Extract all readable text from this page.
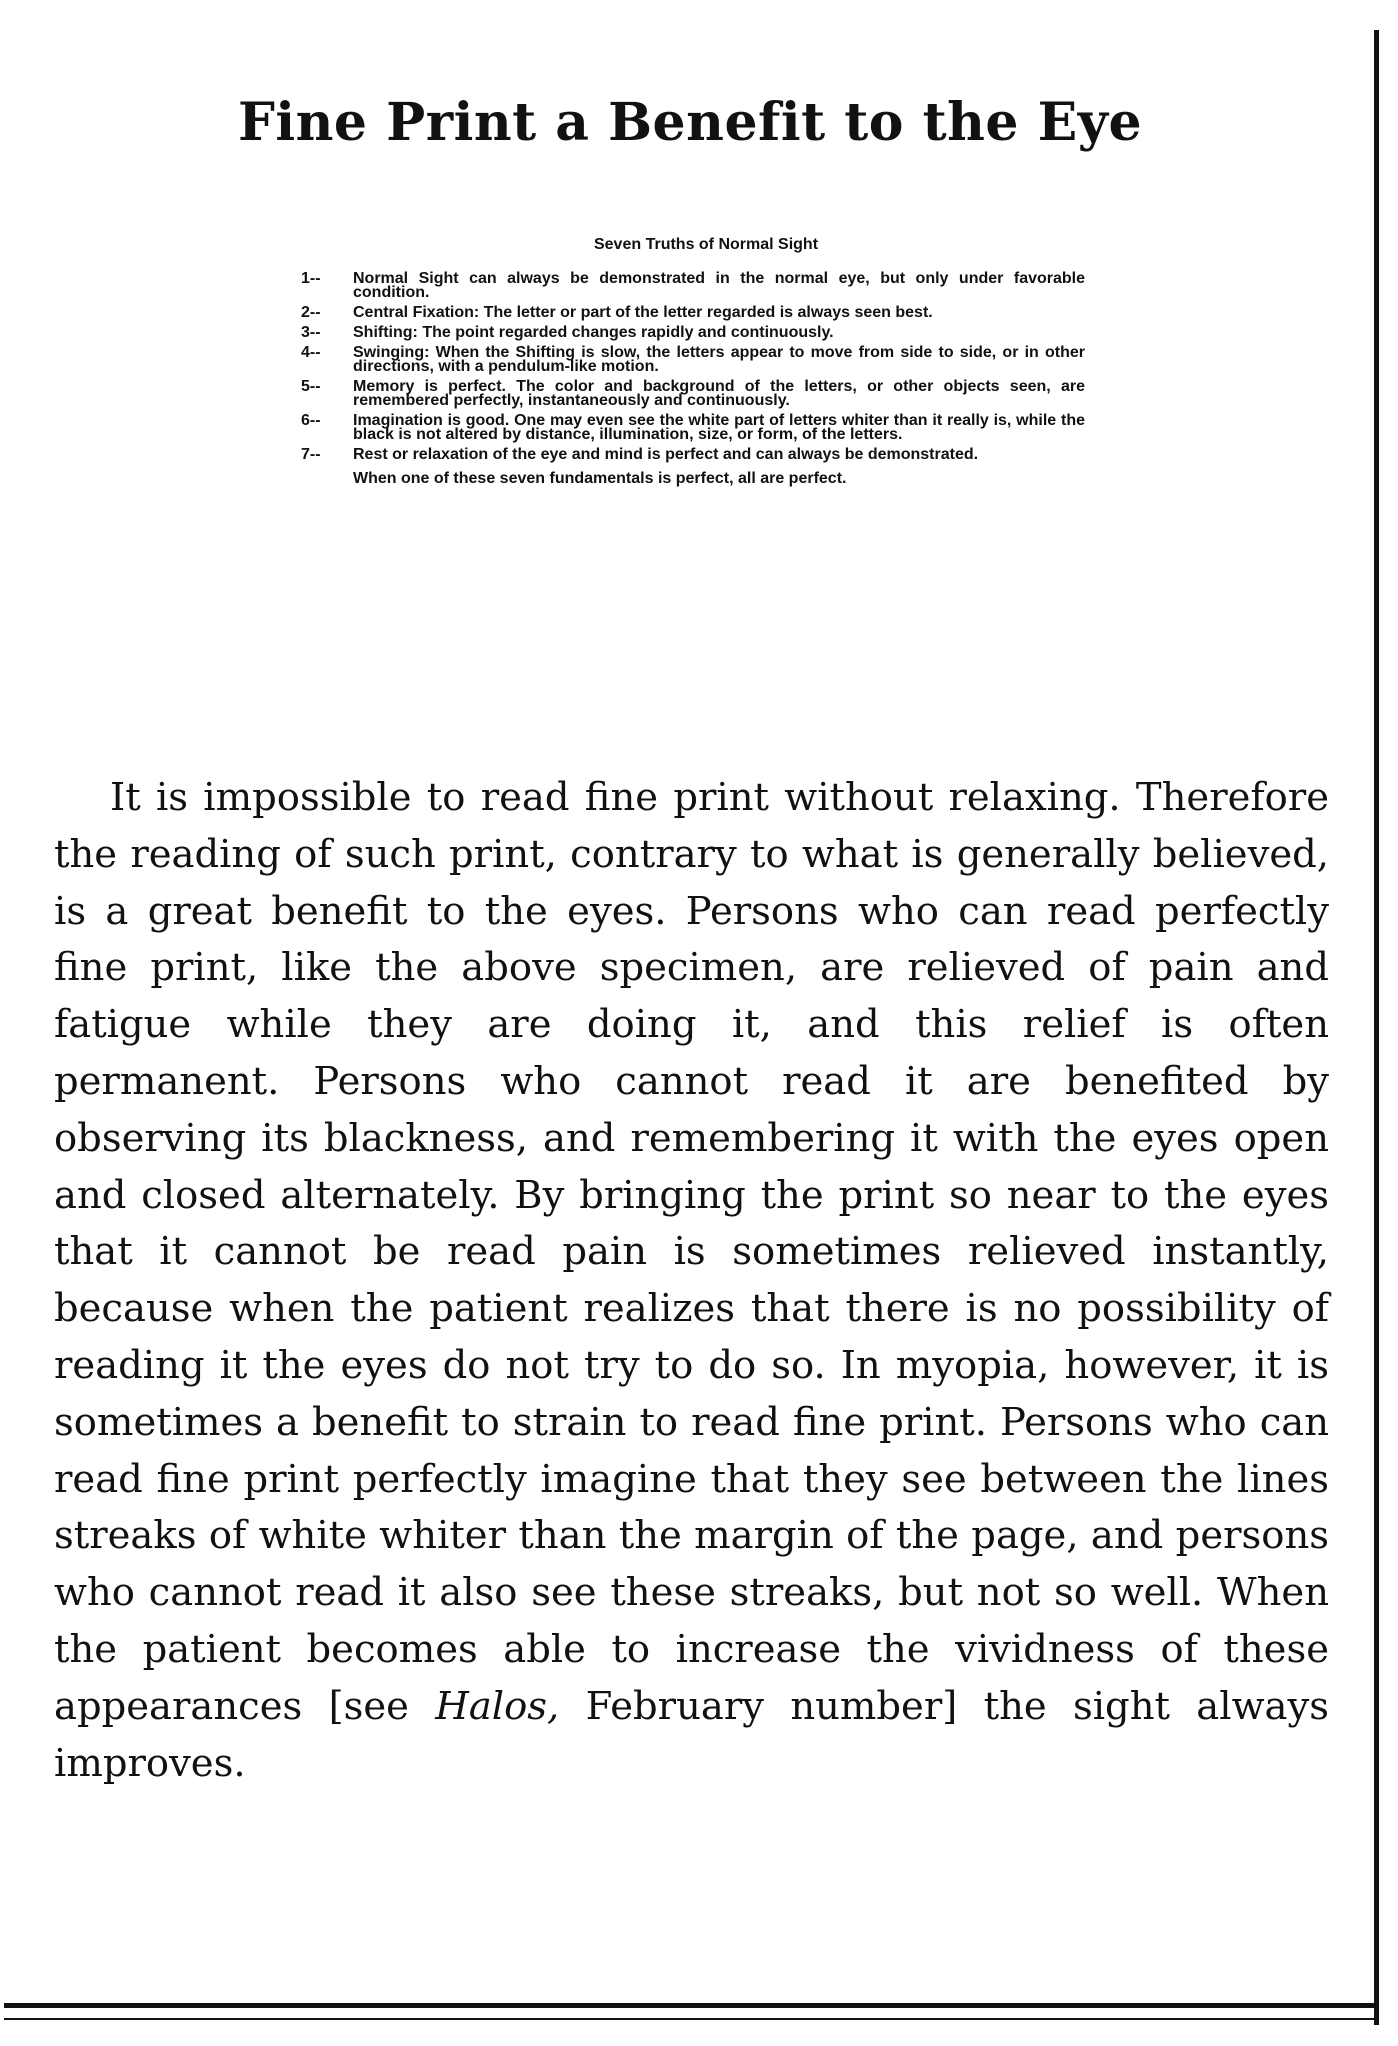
Fine Print a Benefit to the Eye
Seven Truths of Normal Sight
1--	Normal Sight can always be demonstrated in the normal eye, but only under favorable condition.
2--	Central Fixation: The letter or part of the letter regarded is always seen best.
3--	Shifting: The point regarded changes rapidly and continuously.
4--	Swinging: When the Shifting is slow, the letters appear to move from side to side, or in other directions, with a pendulum-like motion.
5--	Memory is perfect. The color and background of the letters, or other objects seen, are remembered perfectly, instantaneously and continuously.
6--	Imagination is good. One may even see the white part of letters whiter than it really is, while the black is not altered by distance, illumination, size, or form, of the letters.
7--	Rest or relaxation of the eye and mind is perfect and can always be demonstrated.
When one of these seven fundamentals is perfect, all are perfect.

It is impossible to read fine print without relaxing. Therefore the reading of such print, contrary to what is generally believed, is a great benefit to the eyes. Persons who can read perfectly fine print, like the above specimen, are relieved of pain and fatigue while they are doing it, and this relief is often permanent. Persons who cannot read it are benefited by observing its blackness, and remembering it with the eyes open and closed alternately. By bringing the print so near to the eyes that it cannot be read pain is sometimes relieved instantly, because when the patient realizes that there is no possibility of reading it the eyes do not try to do so. In myopia, however, it is sometimes a benefit to strain to read fine print. Persons who can read fine print perfectly imagine that they see between the lines streaks of white whiter than the margin of the page, and persons who cannot read it also see these streaks, but not so well. When the patient becomes able to increase the vividness of these appearances [see Halos, February number] the sight always improves.
